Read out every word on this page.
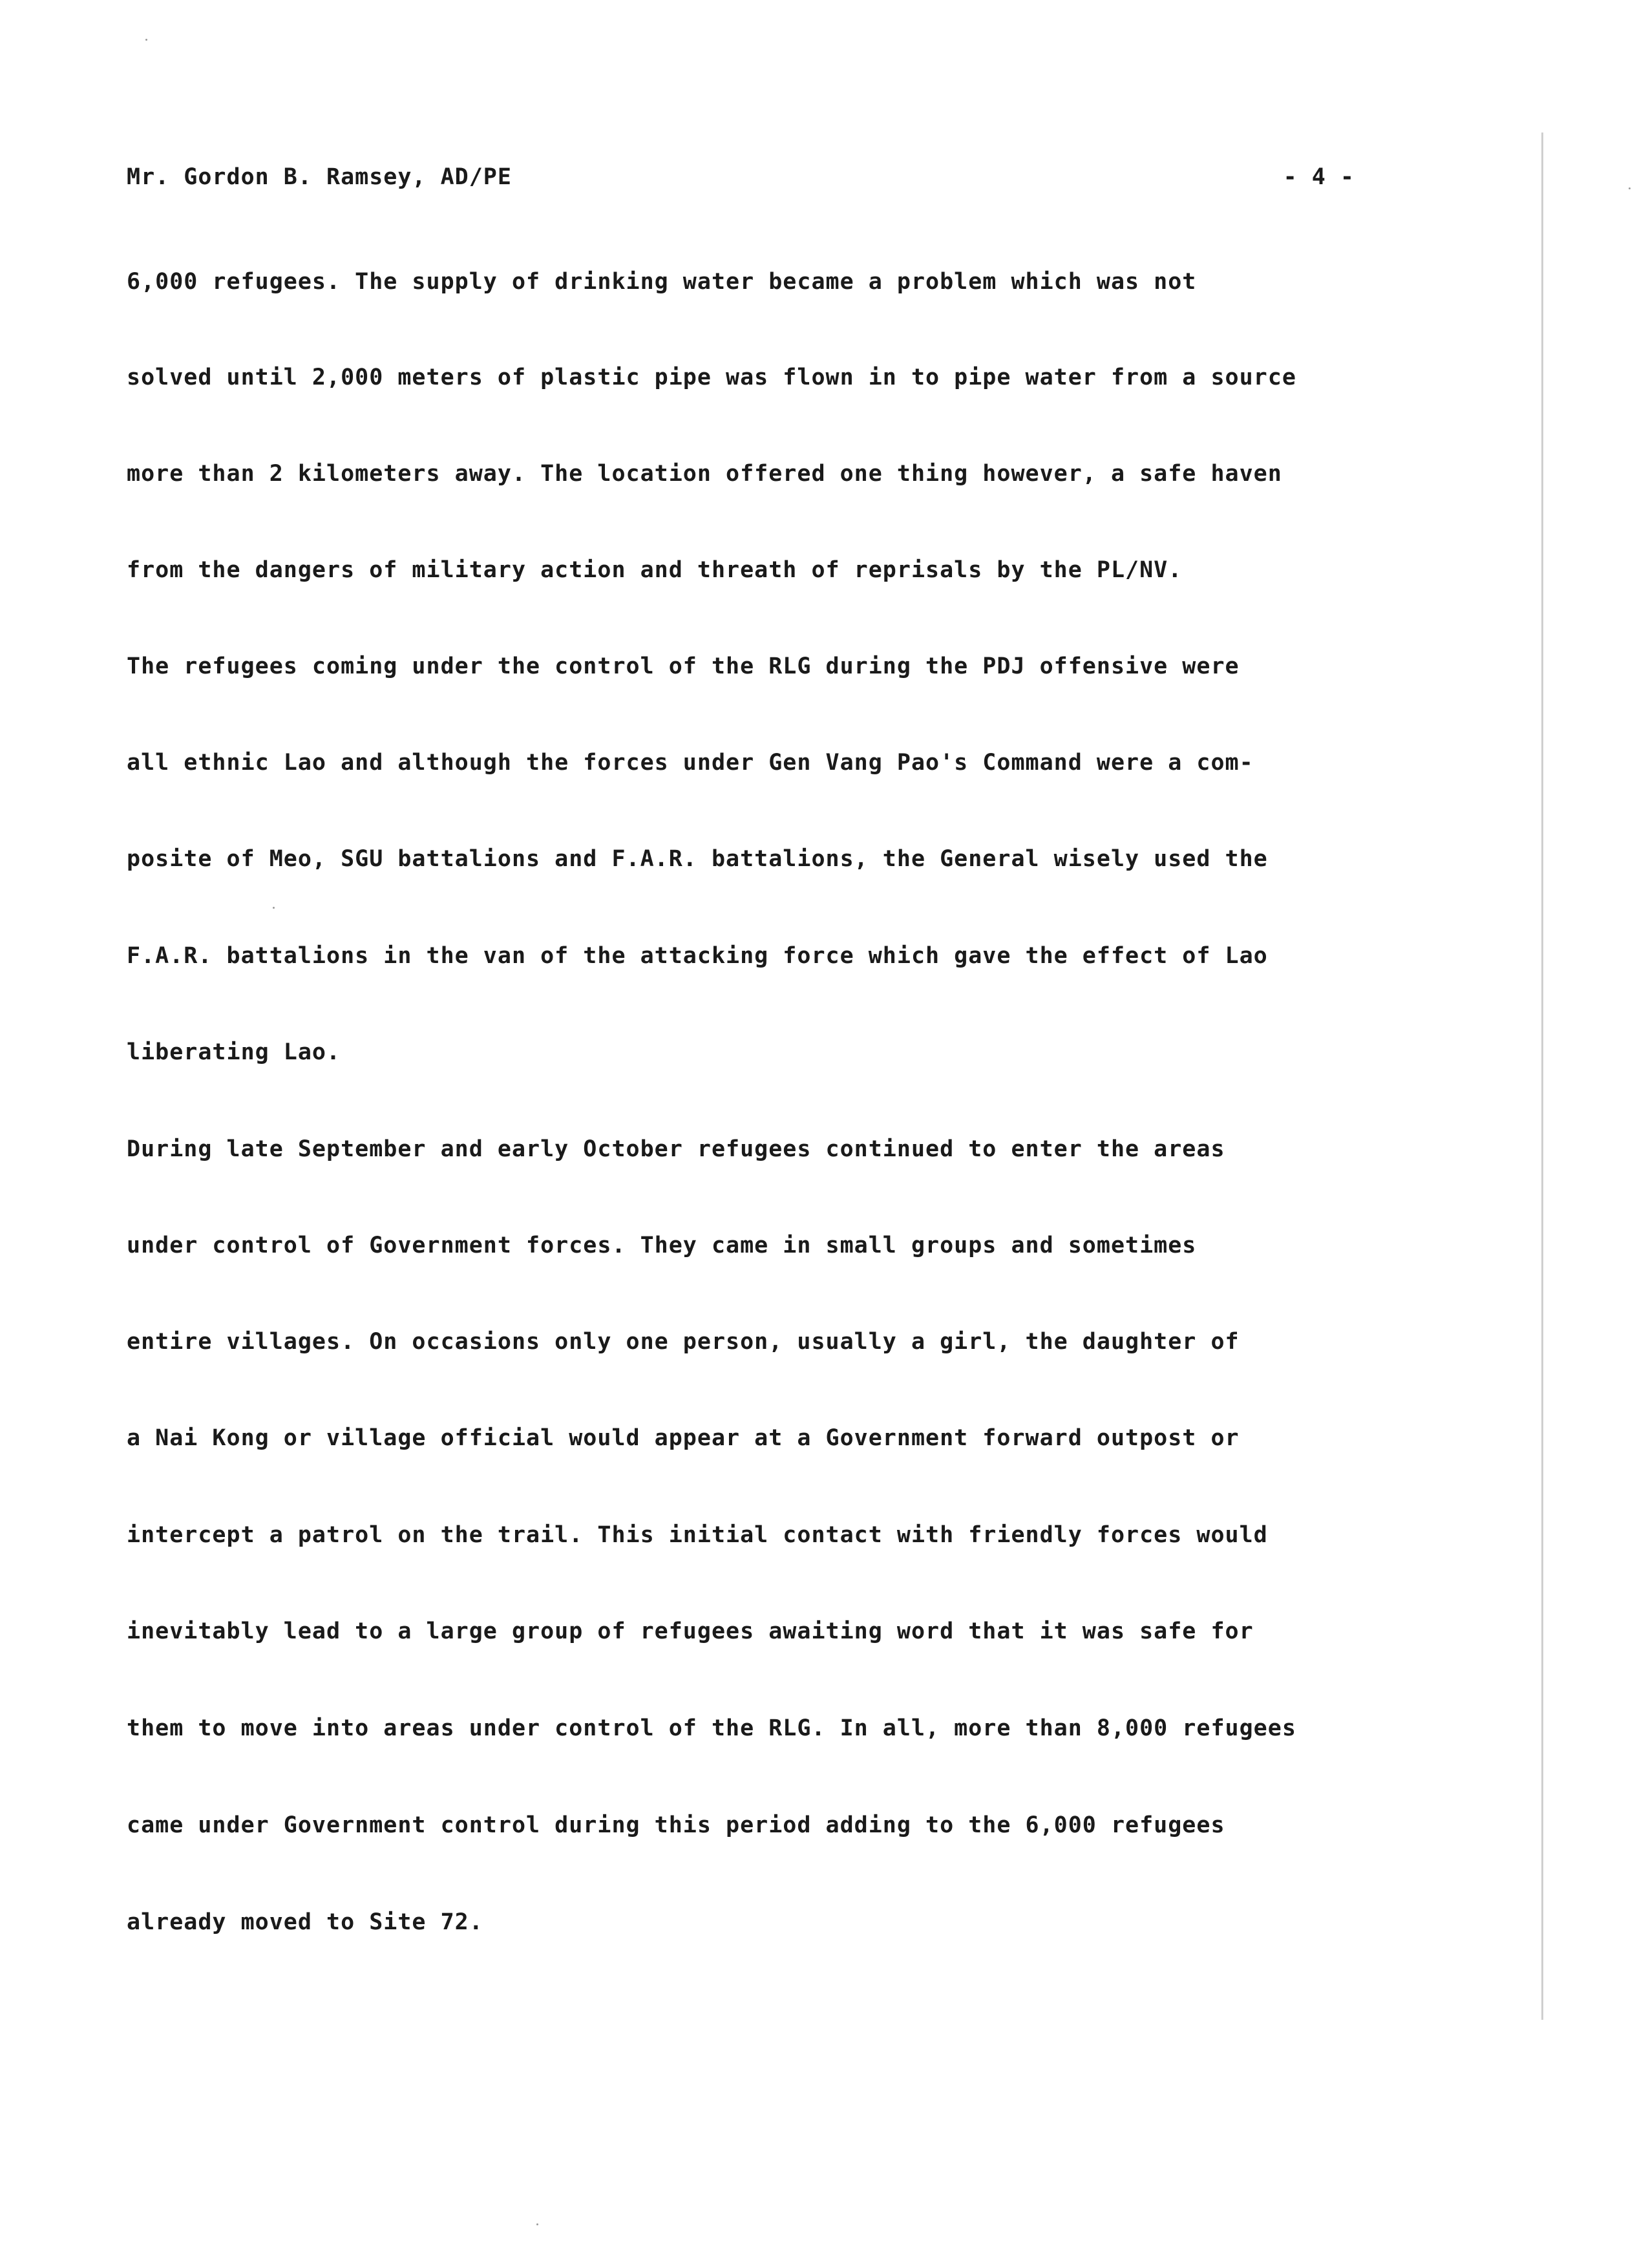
Mr. Gordon B. Ramsey, AD/PE	- 4 -
6,000 refugees. The supply of drinking water became a problem which was not
solved until 2,000 meters of plastic pipe was flown in to pipe water from a source
more than 2 kilometers away. The location offered one thing however, a safe haven
from the dangers of military action and threath of reprisals by the PL/NV.
The refugees coming under the control of the RLG during the PDJ offensive were
all ethnic Lao and although the forces under Gen Vang Pao's Command were a com-
posite of Meo, SGU battalions and F.A.R. battalions, the General wisely used the
F.A.R. battalions in the van of the attacking force which gave the effect of Lao
liberating Lao.
During late September and early October refugees continued to enter the areas
under control of Government forces. They came in small groups and sometimes
entire villages. On occasions only one person, usually a girl, the daughter of
a Nai Kong or village official would appear at a Government forward outpost or
intercept a patrol on the trail. This initial contact with friendly forces would
inevitably lead to a large group of refugees awaiting word that it was safe for
them to move into areas under control of the RLG. In all, more than 8,000 refugees
came under Government control during this period adding to the 6,000 refugees
already moved to Site 72.
